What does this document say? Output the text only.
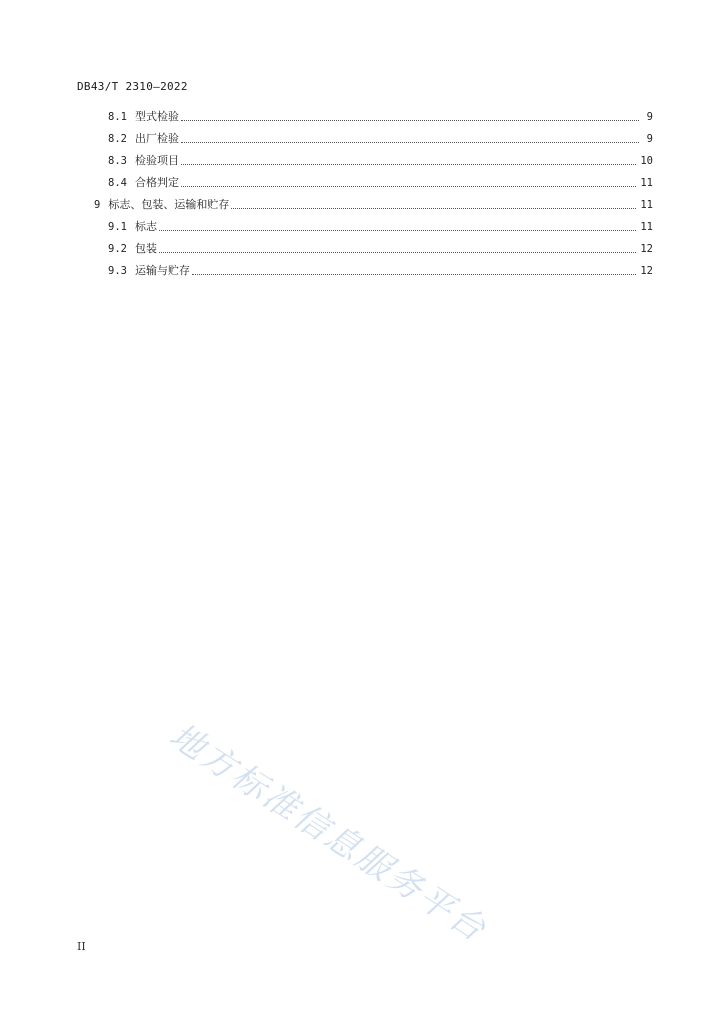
DB43/T 2310—2022
8.1 型式检验	9
8.2 出厂检验	9
8.3 检验项目	10
8.4 合格判定	11
9 标志、包装、运输和贮存	11
9.1 标志	11
9.2 包装	12
9.3 运输与贮存	12
地方标准信息服务平台
II
